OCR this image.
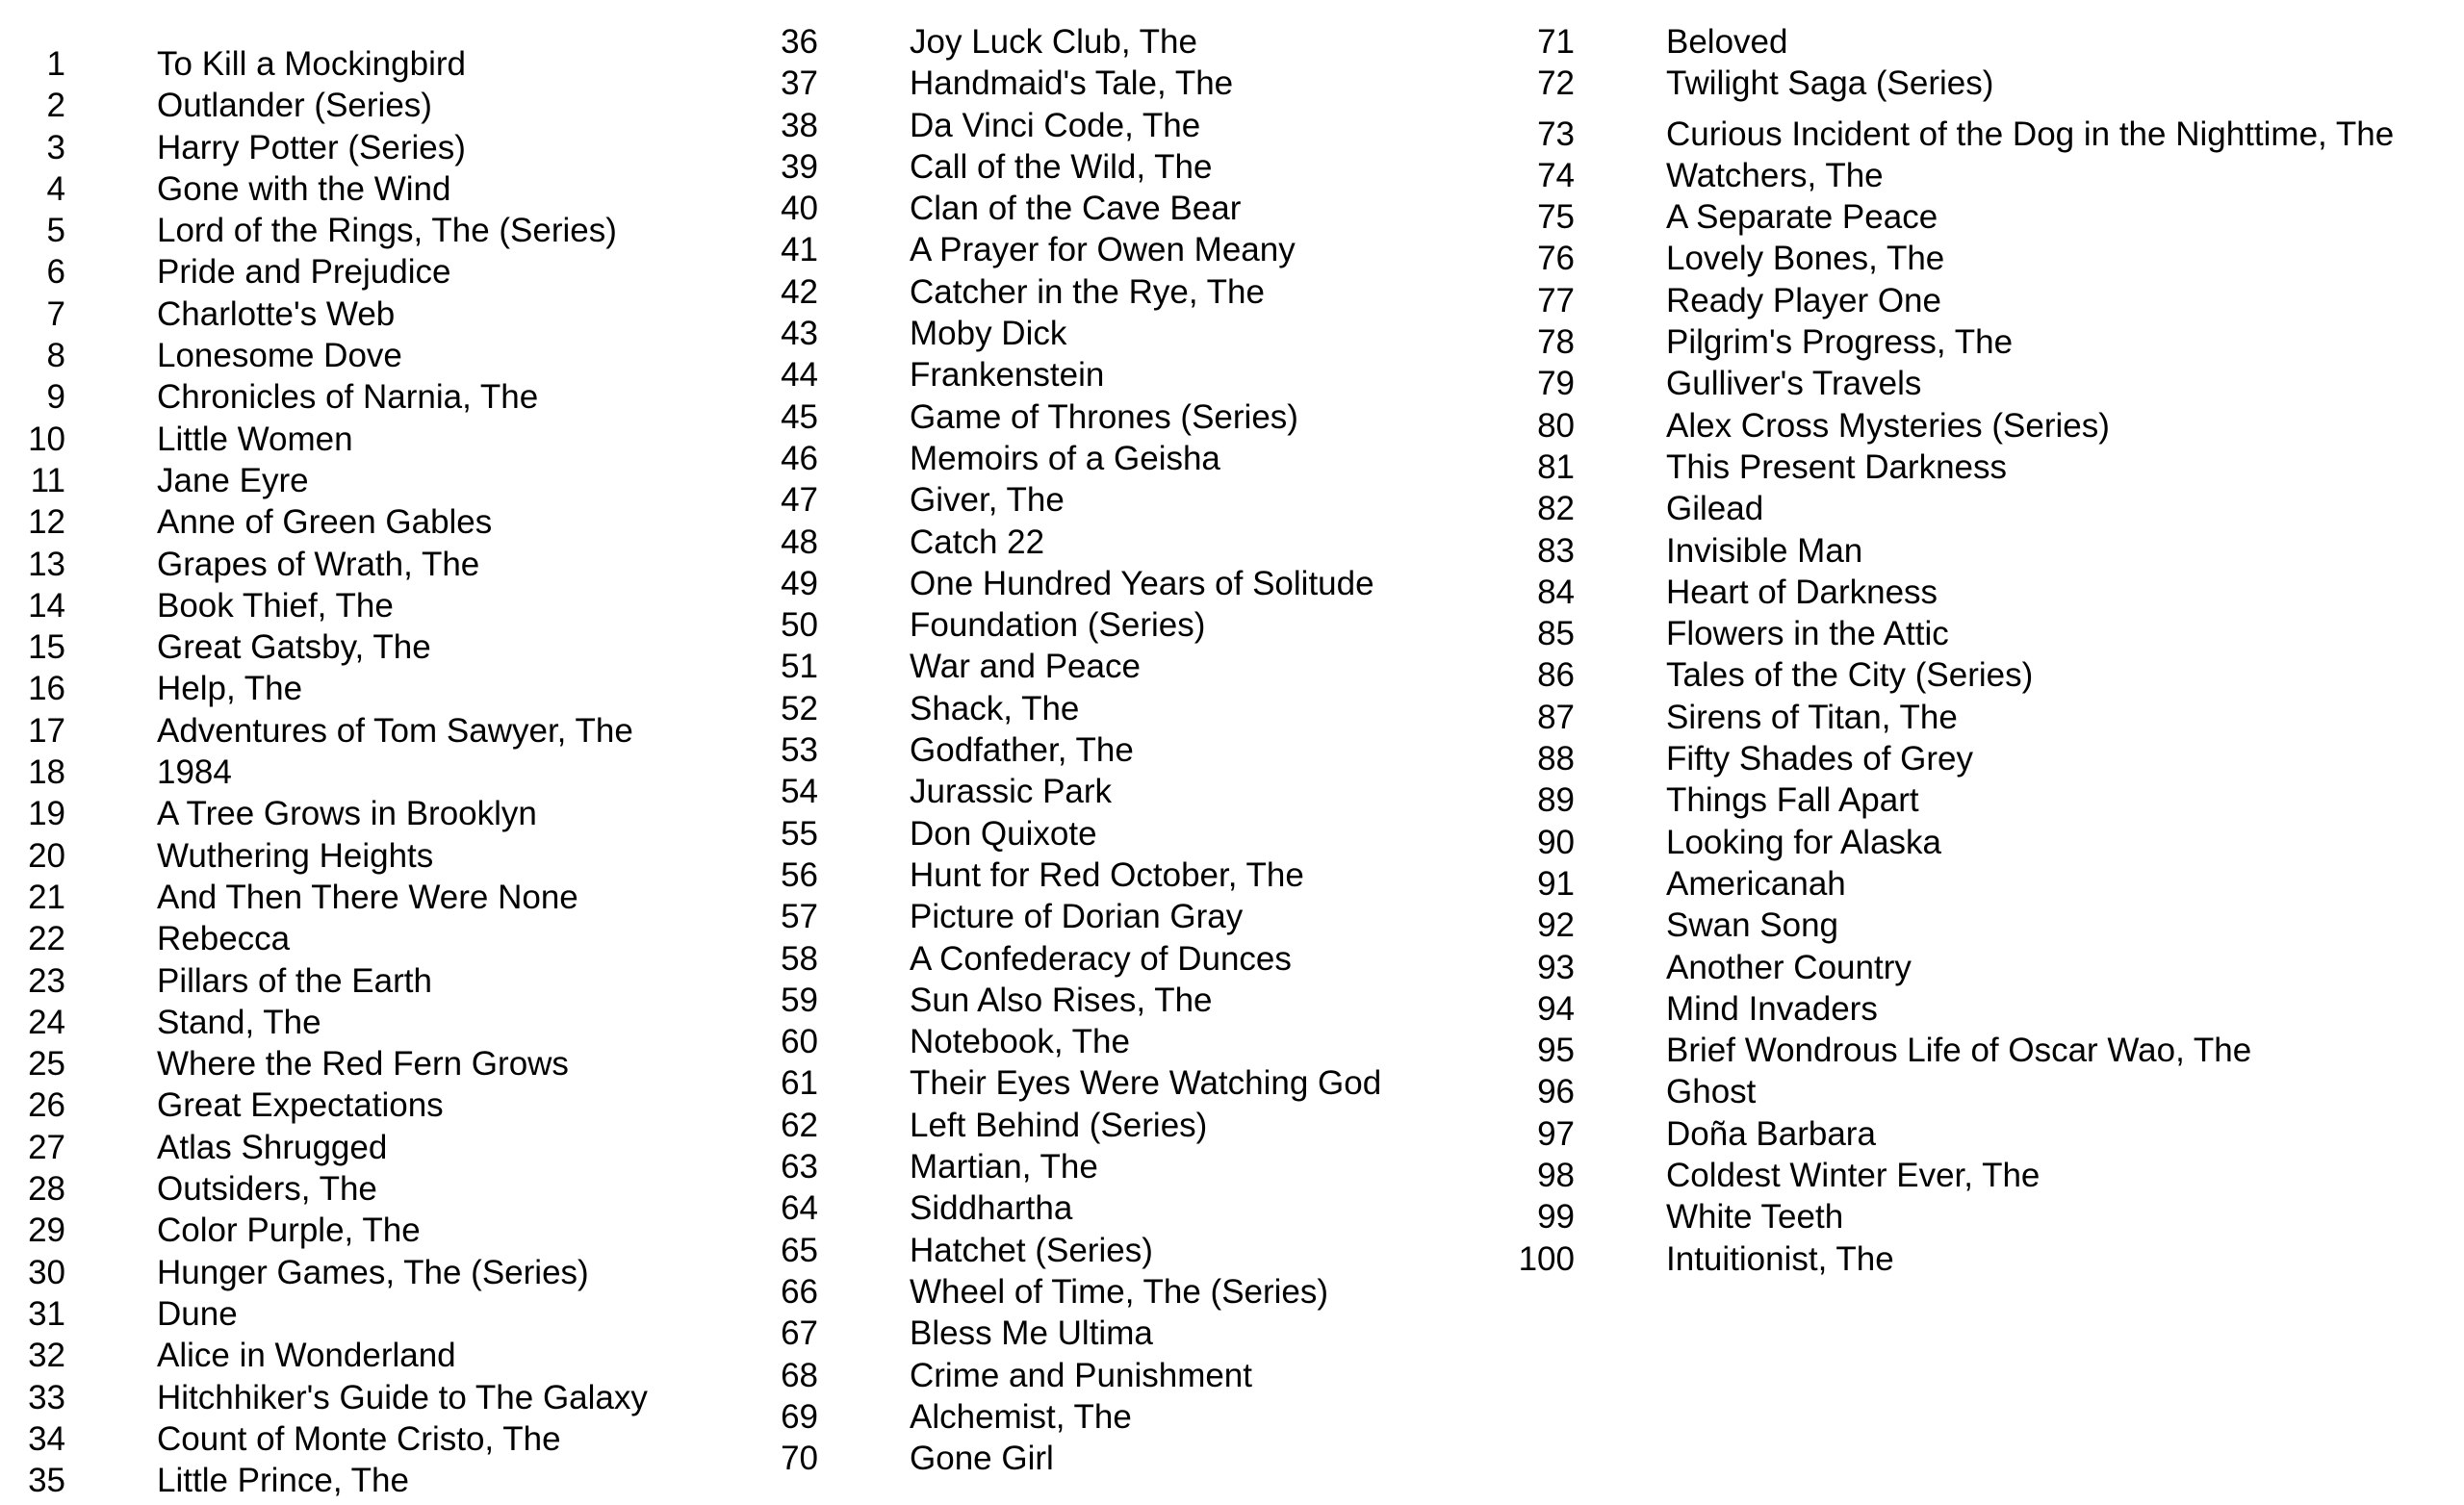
1	To Kill a Mockingbird
2	Outlander (Series)
3	Harry Potter (Series)
4	Gone with the Wind
5	Lord of the Rings, The (Series)
6	Pride and Prejudice
7	Charlotte's Web
8	Lonesome Dove
9	Chronicles of Narnia, The
10	Little Women
11	Jane Eyre
12	Anne of Green Gables
13	Grapes of Wrath, The
14	Book Thief, The
15	Great Gatsby, The
16	Help, The
17	Adventures of Tom Sawyer, The
18	1984
19	A Tree Grows in Brooklyn
20	Wuthering Heights
21	And Then There Were None
22	Rebecca
23	Pillars of the Earth
24	Stand, The
25	Where the Red Fern Grows
26	Great Expectations
27	Atlas Shrugged
28	Outsiders, The
29	Color Purple, The
30	Hunger Games, The (Series)
31	Dune
32	Alice in Wonderland
33	Hitchhiker's Guide to The Galaxy
34	Count of Monte Cristo, The
35	Little Prince, The
36	Joy Luck Club, The
37	Handmaid's Tale, The
38	Da Vinci Code, The
39	Call of the Wild, The
40	Clan of the Cave Bear
41	A Prayer for Owen Meany
42	Catcher in the Rye, The
43	Moby Dick
44	Frankenstein
45	Game of Thrones (Series)
46	Memoirs of a Geisha
47	Giver, The
48	Catch 22
49	One Hundred Years of Solitude
50	Foundation (Series)
51	War and Peace
52	Shack, The
53	Godfather, The
54	Jurassic Park
55	Don Quixote
56	Hunt for Red October, The
57	Picture of Dorian Gray
58	A Confederacy of Dunces
59	Sun Also Rises, The
60	Notebook, The
61	Their Eyes Were Watching God
62	Left Behind (Series)
63	Martian, The
64	Siddhartha
65	Hatchet (Series)
66	Wheel of Time, The (Series)
67	Bless Me Ultima
68	Crime and Punishment
69	Alchemist, The
70	Gone Girl
71	Beloved
72	Twilight Saga (Series)
73	Curious Incident of the Dog in the Nighttime, The
74	Watchers, The
75	A Separate Peace
76	Lovely Bones, The
77	Ready Player One
78	Pilgrim's Progress, The
79	Gulliver's Travels
80	Alex Cross Mysteries (Series)
81	This Present Darkness
82	Gilead
83	Invisible Man
84	Heart of Darkness
85	Flowers in the Attic
86	Tales of the City (Series)
87	Sirens of Titan, The
88	Fifty Shades of Grey
89	Things Fall Apart
90	Looking for Alaska
91	Americanah
92	Swan Song
93	Another Country
94	Mind Invaders
95	Brief Wondrous Life of Oscar Wao, The
96	Ghost
97	Doña Barbara
98	Coldest Winter Ever, The
99	White Teeth
100	Intuitionist, The
